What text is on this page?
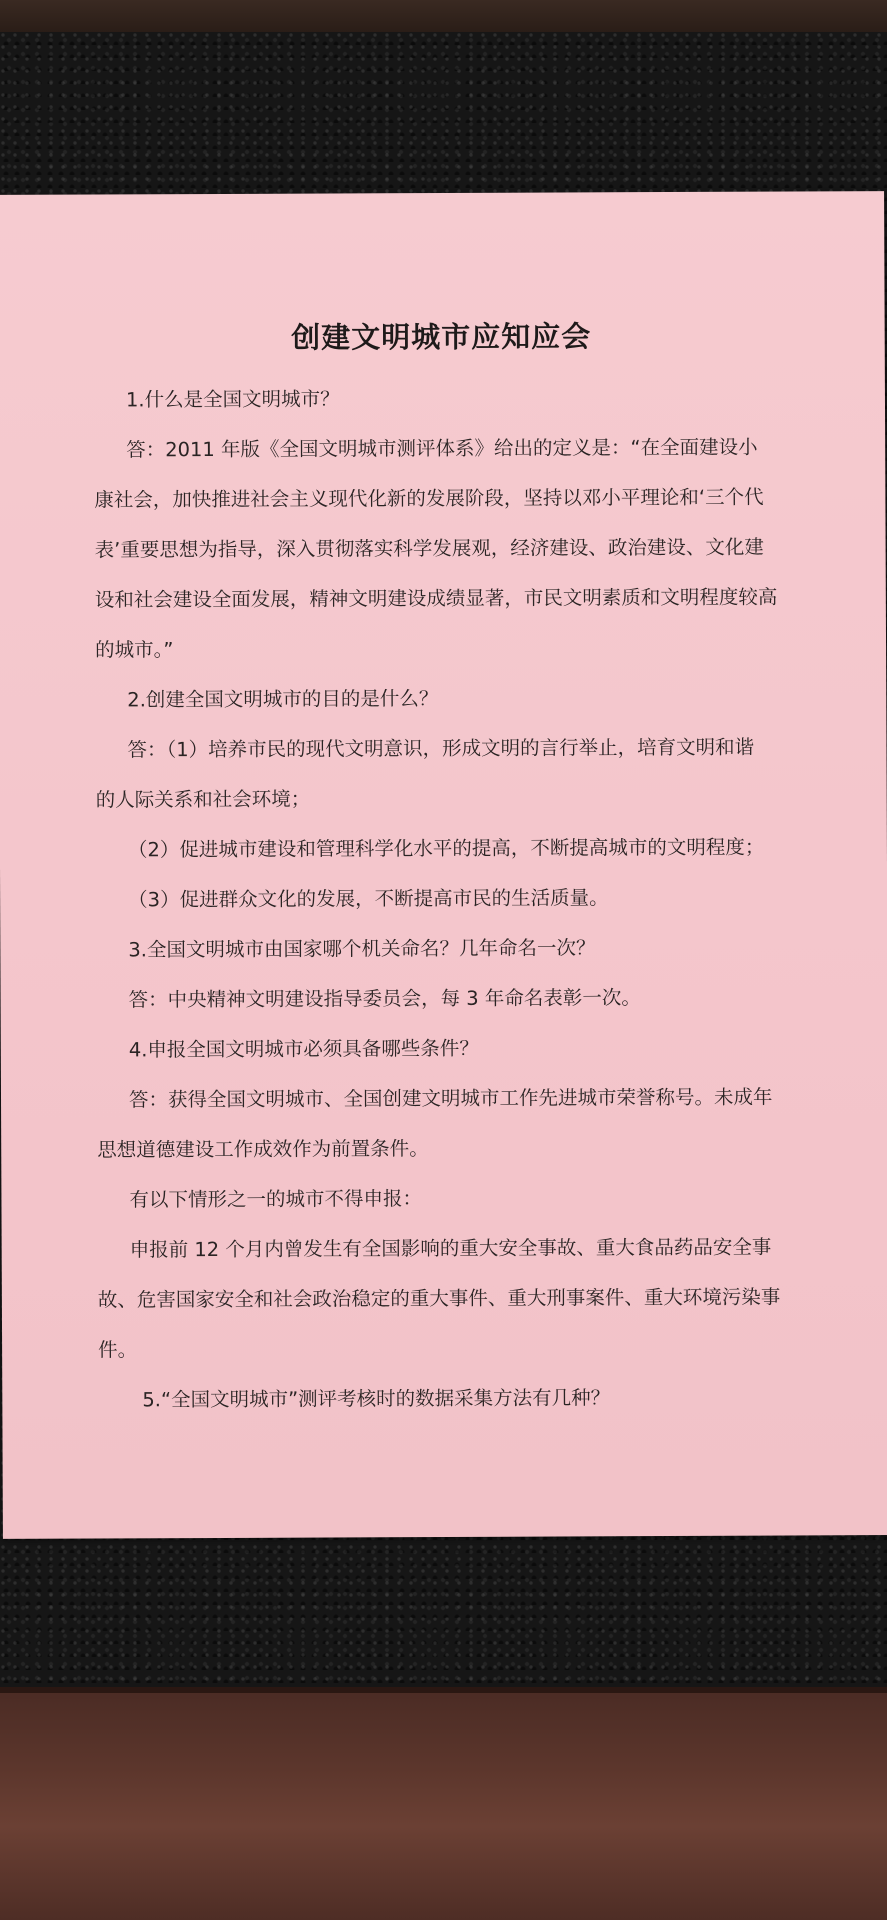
创建文明城市应知应会
1.什么是全国文明城市？
答：2011 年版《全国文明城市测评体系》给出的定义是：“在全面建设小
康社会，加快推进社会主义现代化新的发展阶段，坚持以邓小平理论和‘三个代
表’重要思想为指导，深入贯彻落实科学发展观，经济建设、政治建设、文化建
设和社会建设全面发展，精神文明建设成绩显著，市民文明素质和文明程度较高
的城市。”
2.创建全国文明城市的目的是什么？
答：（1）培养市民的现代文明意识，形成文明的言行举止，培育文明和谐
的人际关系和社会环境；
（2）促进城市建设和管理科学化水平的提高，不断提高城市的文明程度；
（3）促进群众文化的发展，不断提高市民的生活质量。
3.全国文明城市由国家哪个机关命名？几年命名一次？
答：中央精神文明建设指导委员会，每 3 年命名表彰一次。
4.申报全国文明城市必须具备哪些条件？
答：获得全国文明城市、全国创建文明城市工作先进城市荣誉称号。未成年
思想道德建设工作成效作为前置条件。
有以下情形之一的城市不得申报：
申报前 12 个月内曾发生有全国影响的重大安全事故、重大食品药品安全事
故、危害国家安全和社会政治稳定的重大事件、重大刑事案件、重大环境污染事
件。
5.“全国文明城市”测评考核时的数据采集方法有几种？
